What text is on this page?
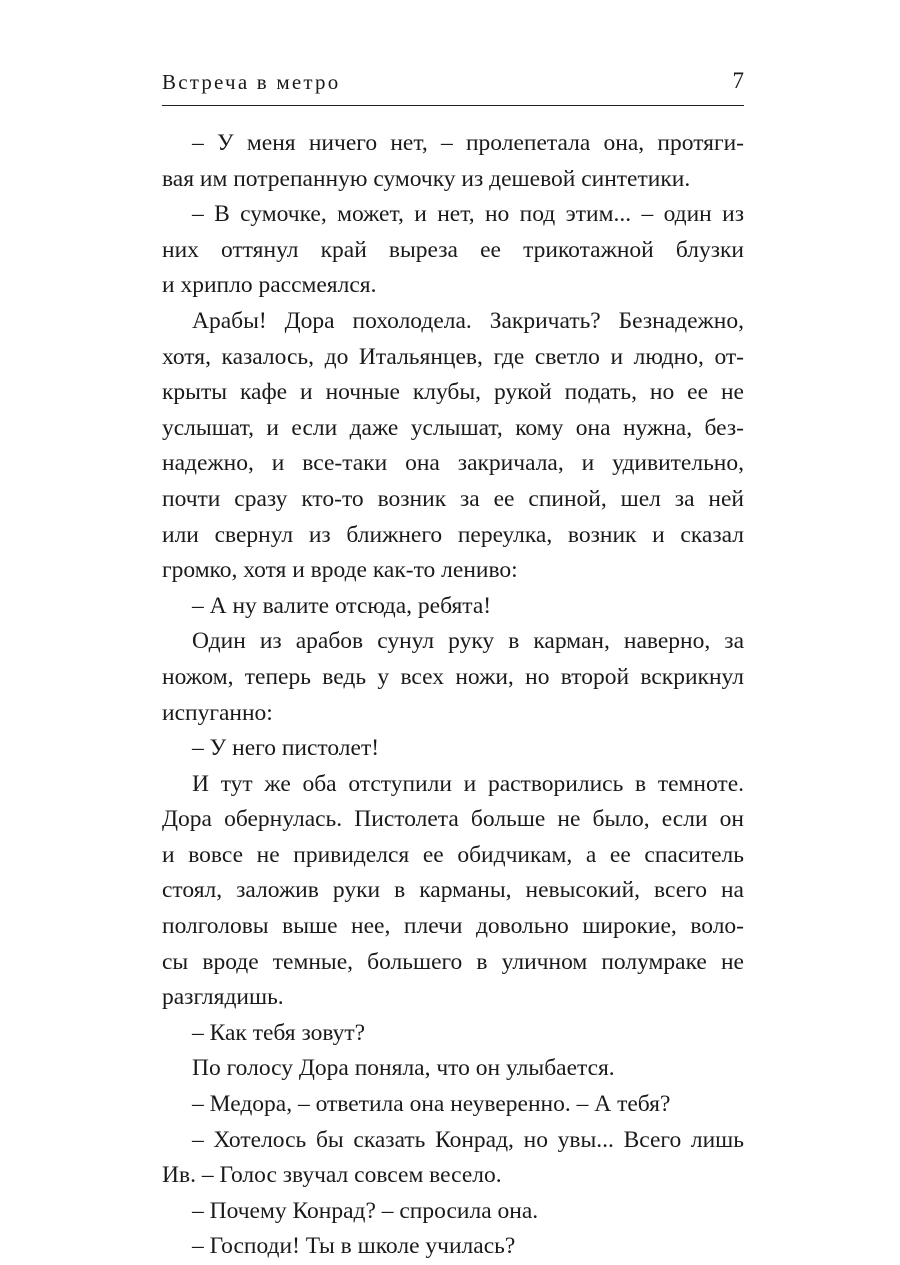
Встреча в метро	7
– У меня ничего нет, – пролепетала она, протяги-
вая им потрепанную сумочку из дешевой синтетики.
– В сумочке, может, и нет, но под этим... – один из
них оттянул край выреза ее трикотажной блузки
и хрипло рассмеялся.
Арабы! Дора похолодела. Закричать? Безнадежно,
хотя, казалось, до Итальянцев, где светло и людно, от-
крыты кафе и ночные клубы, рукой подать, но ее не
услышат, и если даже услышат, кому она нужна, без-
надежно, и все-таки она закричала, и удивительно,
почти сразу кто-то возник за ее спиной, шел за ней
или свернул из ближнего переулка, возник и сказал
громко, хотя и вроде как-то лениво:
– А ну валите отсюда, ребята!
Один из арабов сунул руку в карман, наверно, за
ножом, теперь ведь у всех ножи, но второй вскрикнул
испуганно:
– У него пистолет!
И тут же оба отступили и растворились в темноте.
Дора обернулась. Пистолета больше не было, если он
и вовсе не привиделся ее обидчикам, а ее спаситель
стоял, заложив руки в карманы, невысокий, всего на
полголовы выше нее, плечи довольно широкие, воло-
сы вроде темные, большего в уличном полумраке не
разглядишь.
– Как тебя зовут?
По голосу Дора поняла, что он улыбается.
– Медора, – ответила она неуверенно. – А тебя?
– Хотелось бы сказать Конрад, но увы... Всего лишь
Ив. – Голос звучал совсем весело.
– Почему Конрад? – спросила она.
– Господи! Ты в школе училась?
